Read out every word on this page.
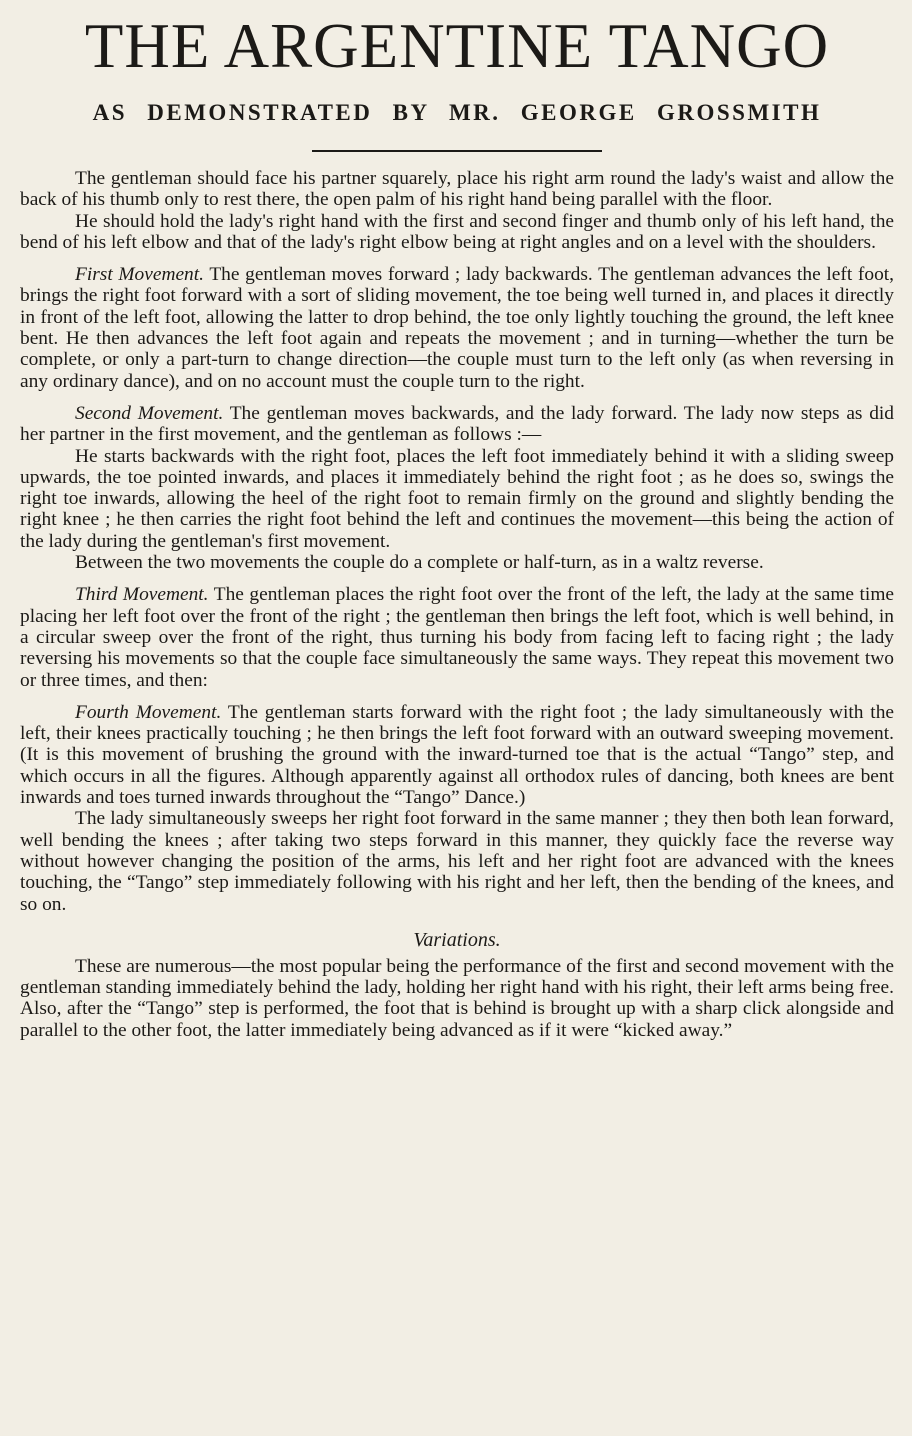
THE ARGENTINE TANGO
AS DEMONSTRATED BY MR. GEORGE GROSSMITH

The gentleman should face his partner squarely, place his right arm round the lady's waist and allow the back of his thumb only to rest there, the open palm of his right hand being parallel with the floor.

He should hold the lady's right hand with the first and second finger and thumb only of his left hand, the bend of his left elbow and that of the lady's right elbow being at right angles and on a level with the shoulders.

First Movement. The gentleman moves forward ; lady backwards. The gentleman advances the left foot, brings the right foot forward with a sort of sliding movement, the toe being well turned in, and places it directly in front of the left foot, allowing the latter to drop behind, the toe only lightly touching the ground, the left knee bent. He then advances the left foot again and repeats the movement ; and in turning—whether the turn be complete, or only a part-turn to change direction—the couple must turn to the left only (as when reversing in any ordinary dance), and on no account must the couple turn to the right.

Second Movement. The gentleman moves backwards, and the lady forward. The lady now steps as did her partner in the first movement, and the gentleman as follows :—

He starts backwards with the right foot, places the left foot immediately behind it with a sliding sweep upwards, the toe pointed inwards, and places it immediately behind the right foot ; as he does so, swings the right toe inwards, allowing the heel of the right foot to remain firmly on the ground and slightly bending the right knee ; he then carries the right foot behind the left and continues the movement—this being the action of the lady during the gentleman's first movement.

Between the two movements the couple do a complete or half-turn, as in a waltz reverse.

Third Movement. The gentleman places the right foot over the front of the left, the lady at the same time placing her left foot over the front of the right ; the gentleman then brings the left foot, which is well behind, in a circular sweep over the front of the right, thus turning his body from facing left to facing right ; the lady reversing his movements so that the couple face simultaneously the same ways. They repeat this movement two or three times, and then:

Fourth Movement. The gentleman starts forward with the right foot ; the lady simultaneously with the left, their knees practically touching ; he then brings the left foot forward with an outward sweeping movement. (It is this movement of brushing the ground with the inward-turned toe that is the actual “Tango” step, and which occurs in all the figures. Although apparently against all orthodox rules of dancing, both knees are bent inwards and toes turned inwards throughout the “Tango” Dance.)

The lady simultaneously sweeps her right foot forward in the same manner ; they then both lean forward, well bending the knees ; after taking two steps forward in this manner, they quickly face the reverse way without however changing the position of the arms, his left and her right foot are advanced with the knees touching, the “Tango” step immediately following with his right and her left, then the bending of the knees, and so on.

Variations.

These are numerous—the most popular being the performance of the first and second movement with the gentleman standing immediately behind the lady, holding her right hand with his right, their left arms being free. Also, after the “Tango” step is performed, the foot that is behind is brought up with a sharp click alongside and parallel to the other foot, the latter immediately being advanced as if it were “kicked away.”
